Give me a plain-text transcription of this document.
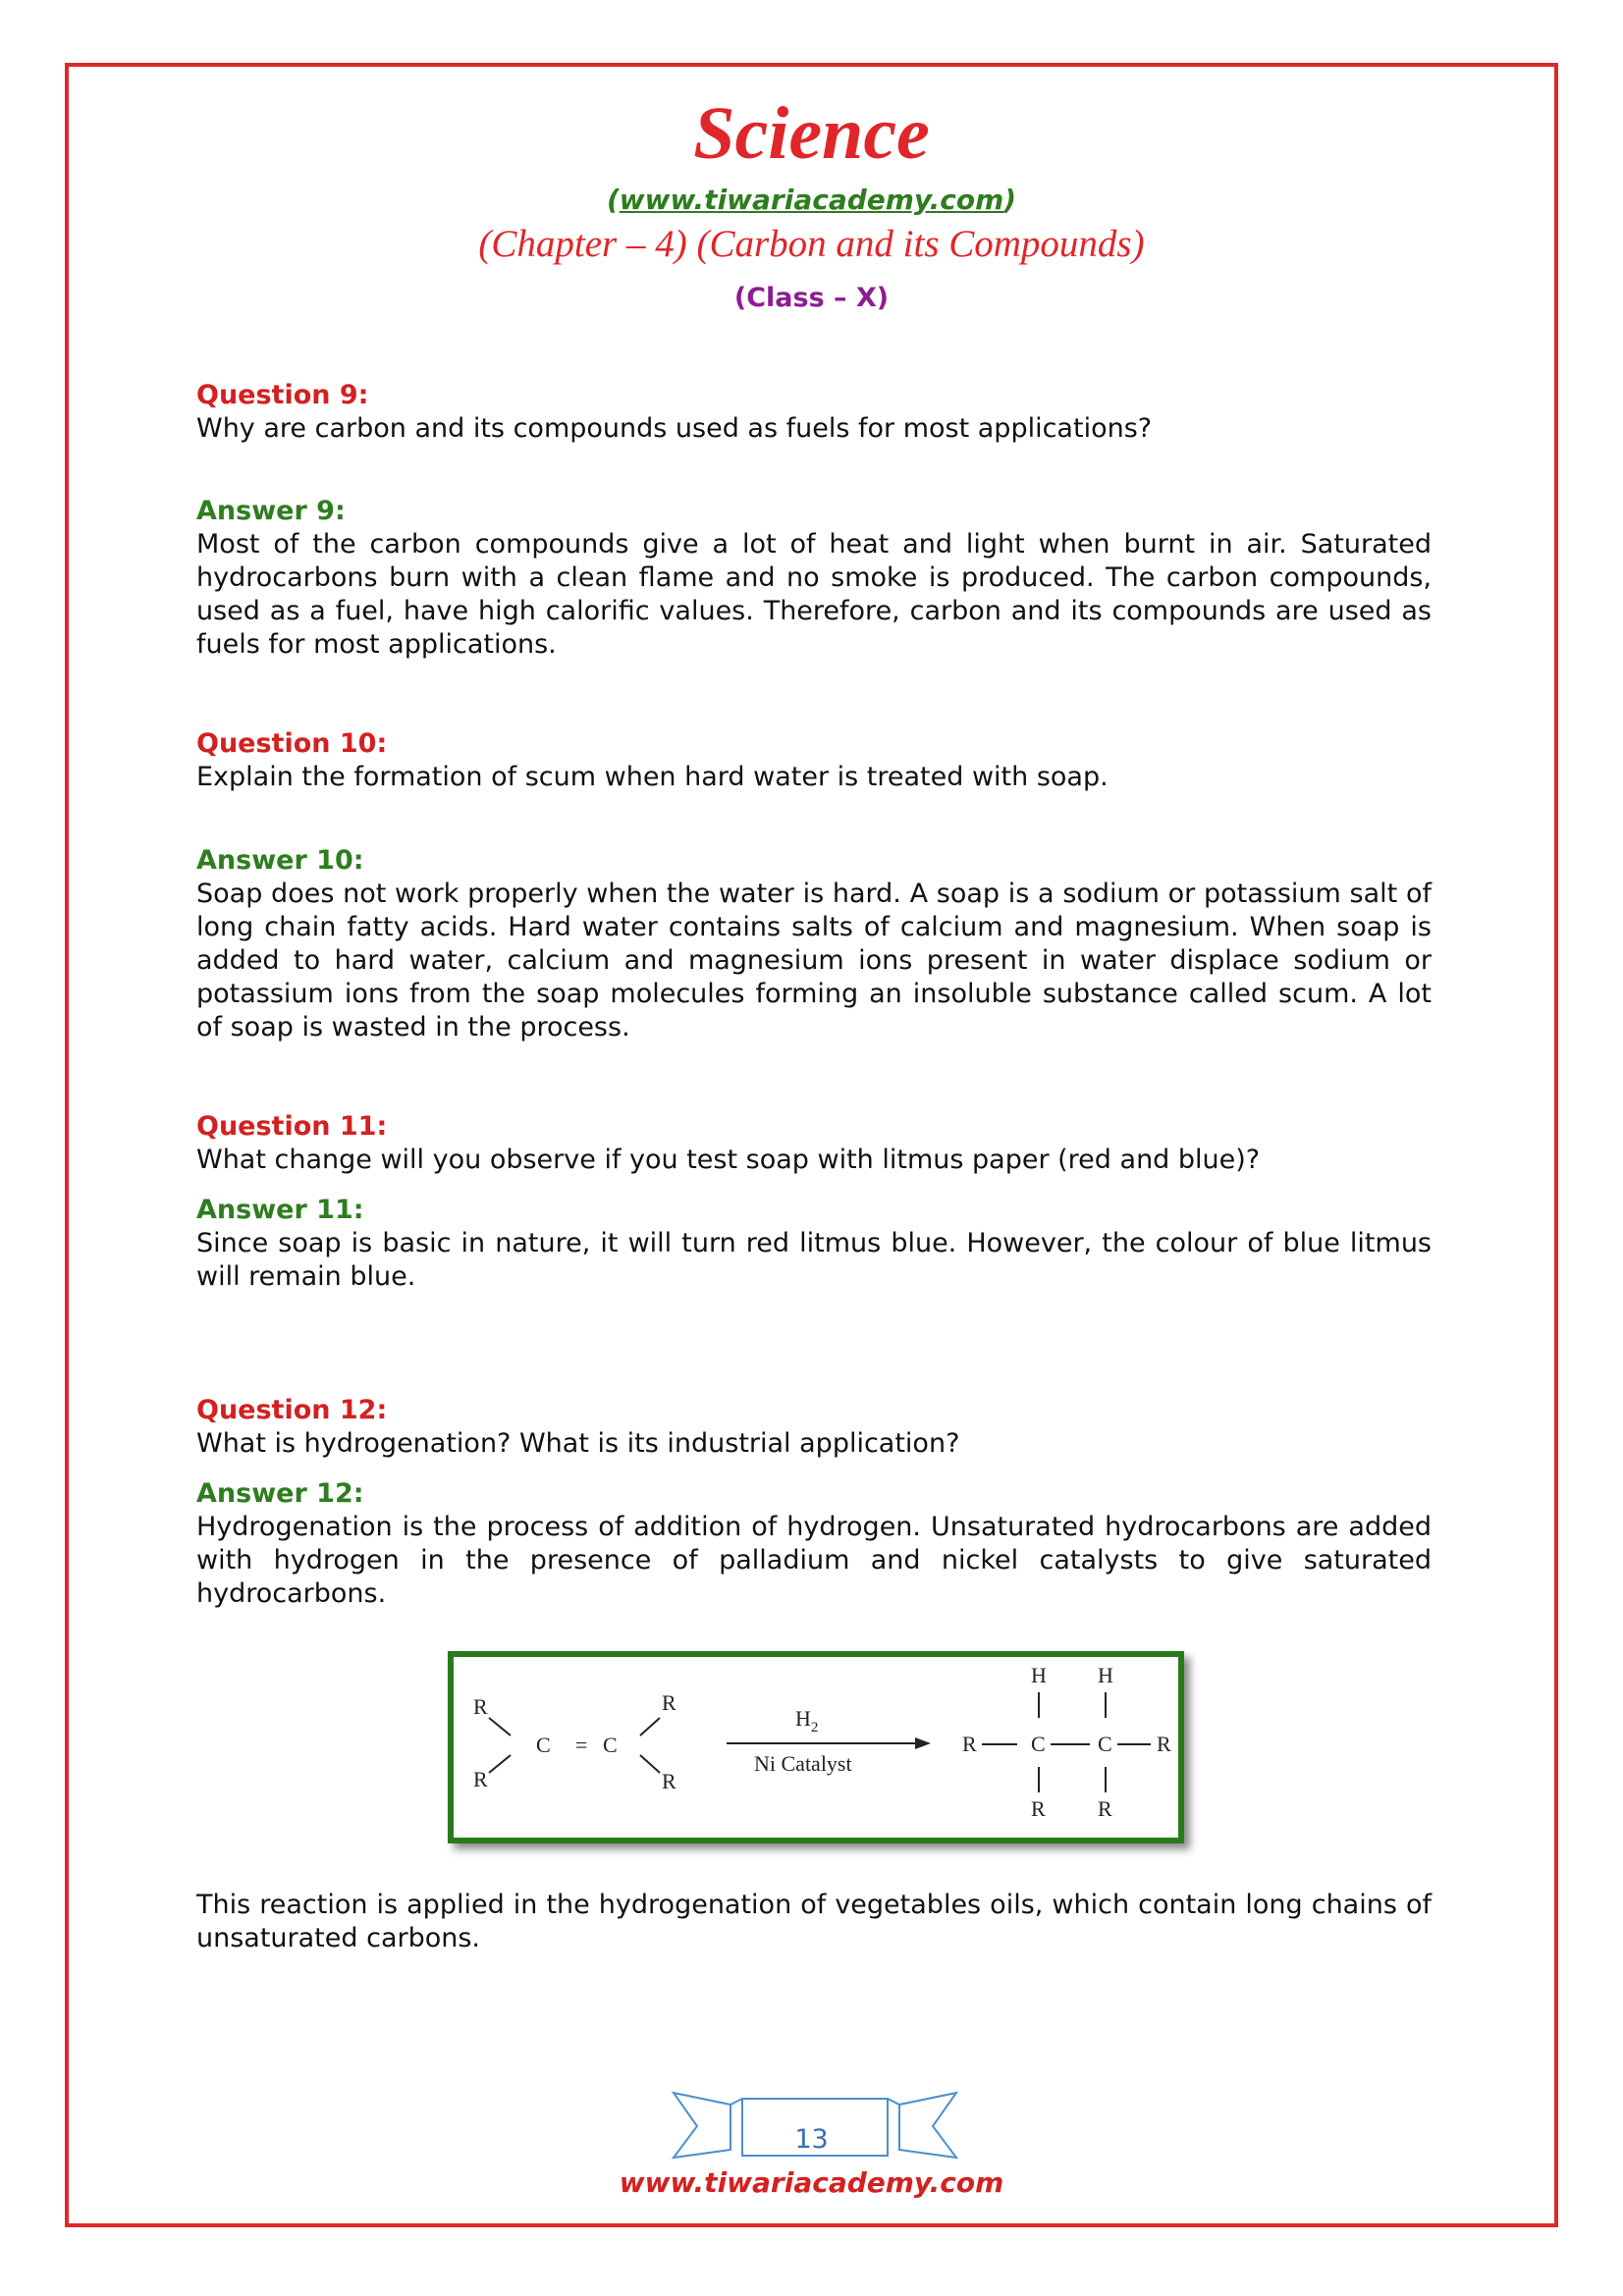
Science
(www.tiwariacademy.com)
(Chapter – 4) (Carbon and its Compounds)
(Class – X)
Question 9:
Why are carbon and its compounds used as fuels for most applications?
Answer 9:
Most of the carbon compounds give a lot of heat and light when burnt in air. Saturated hydrocarbons burn with a clean flame and no smoke is produced. The carbon compounds, used as a fuel, have high calorific values. Therefore, carbon and its compounds are used as fuels for most applications.
Question 10:
Explain the formation of scum when hard water is treated with soap.
Answer 10:
Soap does not work properly when the water is hard. A soap is a sodium or potassium salt of long chain fatty acids. Hard water contains salts of calcium and magnesium. When soap is added to hard water, calcium and magnesium ions present in water displace sodium or potassium ions from the soap molecules forming an insoluble substance called scum. A lot of soap is wasted in the process.
Question 11:
What change will you observe if you test soap with litmus paper (red and blue)?
Answer 11:
Since soap is basic in nature, it will turn red litmus blue. However, the colour of blue litmus will remain blue.
Question 12:
What is hydrogenation? What is its industrial application?
Answer 12:
Hydrogenation is the process of addition of hydrogen. Unsaturated hydrocarbons are added with hydrogen in the presence of palladium and nickel catalysts to give saturated hydrocarbons.
R
R
R
R
C = C
$H_2$
Ni Catalyst
H H
R	C C R
R R
This reaction is applied in the hydrogenation of vegetables oils, which contain long chains of unsaturated carbons.
13
www.tiwariacademy.com
